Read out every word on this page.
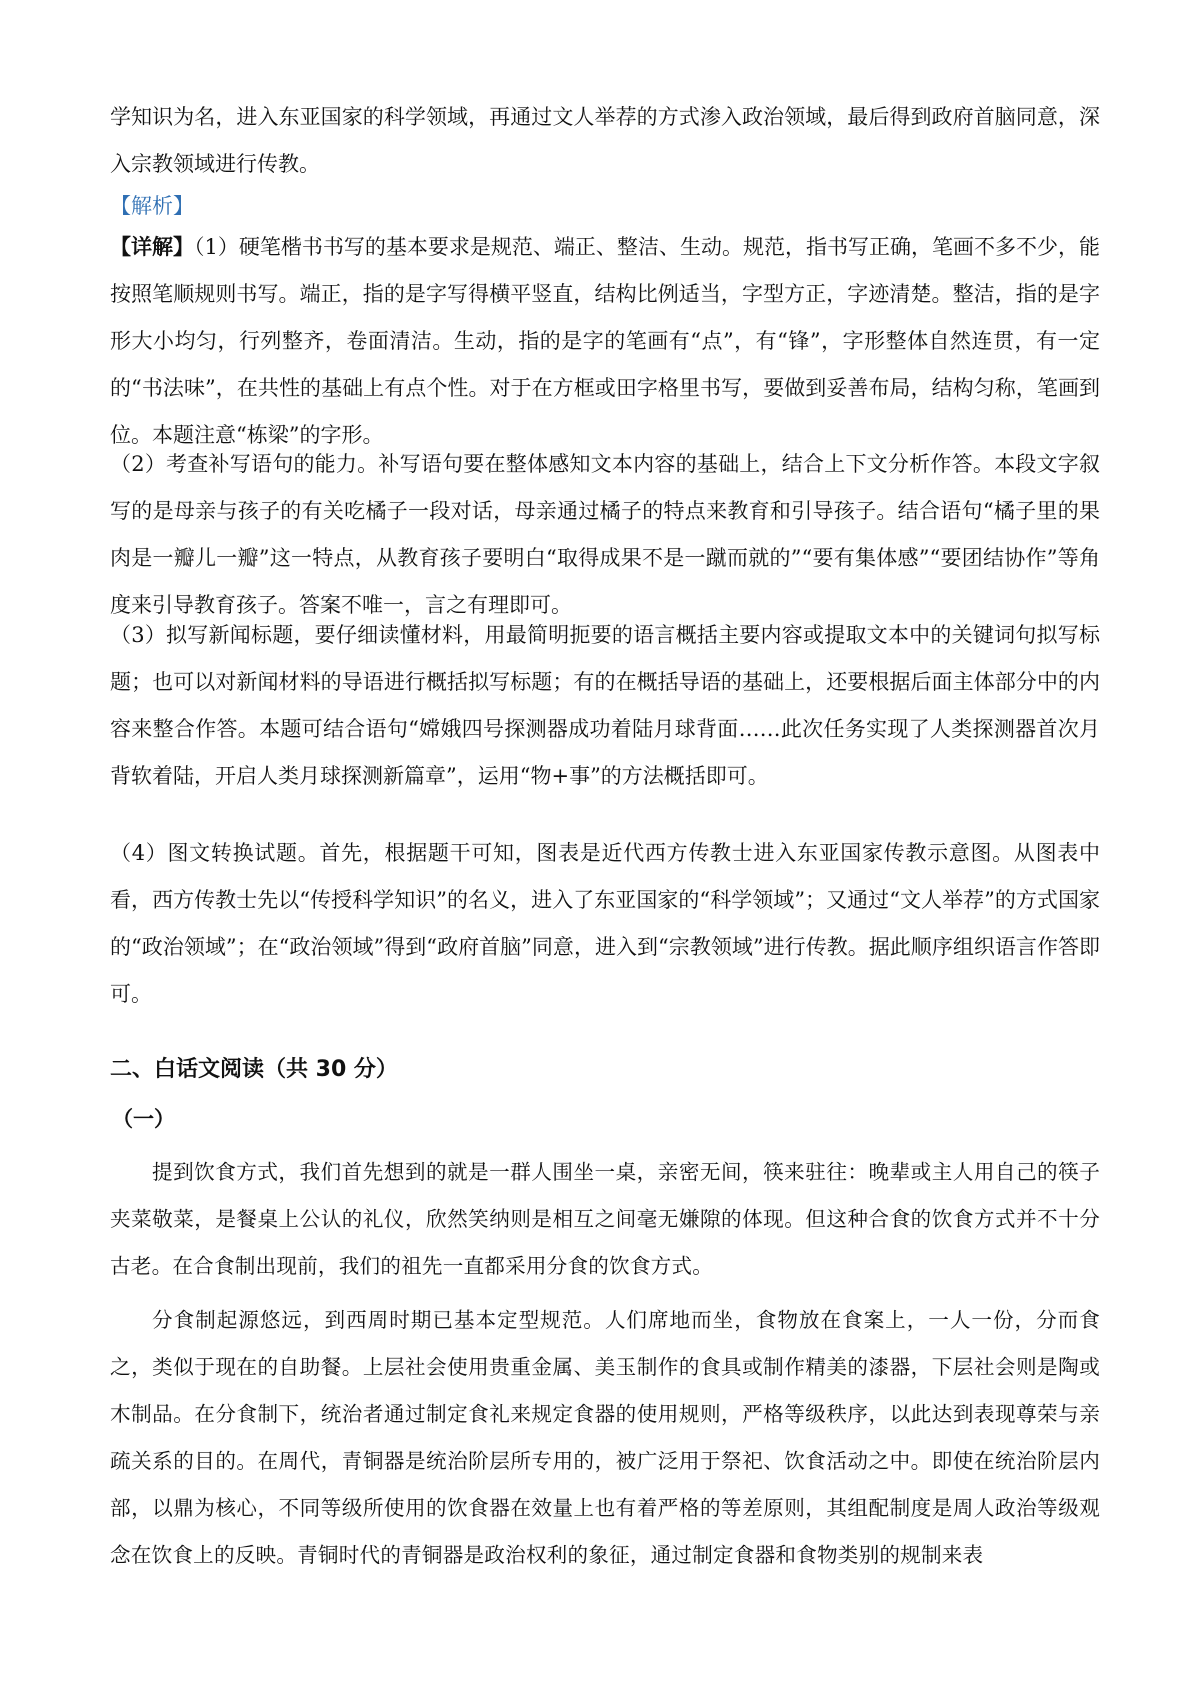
学知识为名，进入东亚国家的科学领域，再通过文人举荐的方式渗入政治领域，最后得到政府首脑同意，深入宗教领域进行传教。

【解析】

【详解】（1）硬笔楷书书写的基本要求是规范、端正、整洁、生动。规范，指书写正确，笔画不多不少，能按照笔顺规则书写。端正，指的是字写得横平竖直，结构比例适当，字型方正，字迹清楚。整洁，指的是字形大小均匀，行列整齐，卷面清洁。生动，指的是字的笔画有“点”，有“锋”，字形整体自然连贯，有一定的“书法味”，在共性的基础上有点个性。对于在方框或田字格里书写，要做到妥善布局，结构匀称，笔画到位。本题注意“栋梁”的字形。

（2）考查补写语句的能力。补写语句要在整体感知文本内容的基础上，结合上下文分析作答。本段文字叙写的是母亲与孩子的有关吃橘子一段对话，母亲通过橘子的特点来教育和引导孩子。结合语句“橘子里的果肉是一瓣儿一瓣”这一特点，从教育孩子要明白“取得成果不是一蹴而就的”“要有集体感”“要团结协作”等角度来引导教育孩子。答案不唯一，言之有理即可。

（3）拟写新闻标题，要仔细读懂材料，用最简明扼要的语言概括主要内容或提取文本中的关键词句拟写标题；也可以对新闻材料的导语进行概括拟写标题；有的在概括导语的基础上，还要根据后面主体部分中的内容来整合作答。本题可结合语句“嫦娥四号探测器成功着陆月球背面……此次任务实现了人类探测器首次月背软着陆，开启人类月球探测新篇章”，运用“物+事”的方法概括即可。

（4）图文转换试题。首先，根据题干可知，图表是近代西方传教士进入东亚国家传教示意图。从图表中看，西方传教士先以“传授科学知识”的名义，进入了东亚国家的“科学领域”；又通过“文人举荐”的方式国家的“政治领域”；在“政治领域”得到“政府首脑”同意，进入到“宗教领域”进行传教。据此顺序组织语言作答即可。

二、白话文阅读（共 30 分）

（一）

提到饮食方式，我们首先想到的就是一群人围坐一桌，亲密无间，筷来驻往：晚辈或主人用自己的筷子夹菜敬菜，是餐桌上公认的礼仪，欣然笑纳则是相互之间毫无嫌隙的体现。但这种合食的饮食方式并不十分古老。在合食制出现前，我们的祖先一直都采用分食的饮食方式。

分食制起源悠远，到西周时期已基本定型规范。人们席地而坐，食物放在食案上，一人一份，分而食之，类似于现在的自助餐。上层社会使用贵重金属、美玉制作的食具或制作精美的漆器，下层社会则是陶或木制品。在分食制下，统治者通过制定食礼来规定食器的使用规则，严格等级秩序，以此达到表现尊荣与亲疏关系的目的。在周代，青铜器是统治阶层所专用的，被广泛用于祭祀、饮食活动之中。即使在统治阶层内部，以鼎为核心，不同等级所使用的饮食器在效量上也有着严格的等差原则，其组配制度是周人政治等级观念在饮食上的反映。青铜时代的青铜器是政治权利的象征，通过制定食器和食物类别的规制来表
